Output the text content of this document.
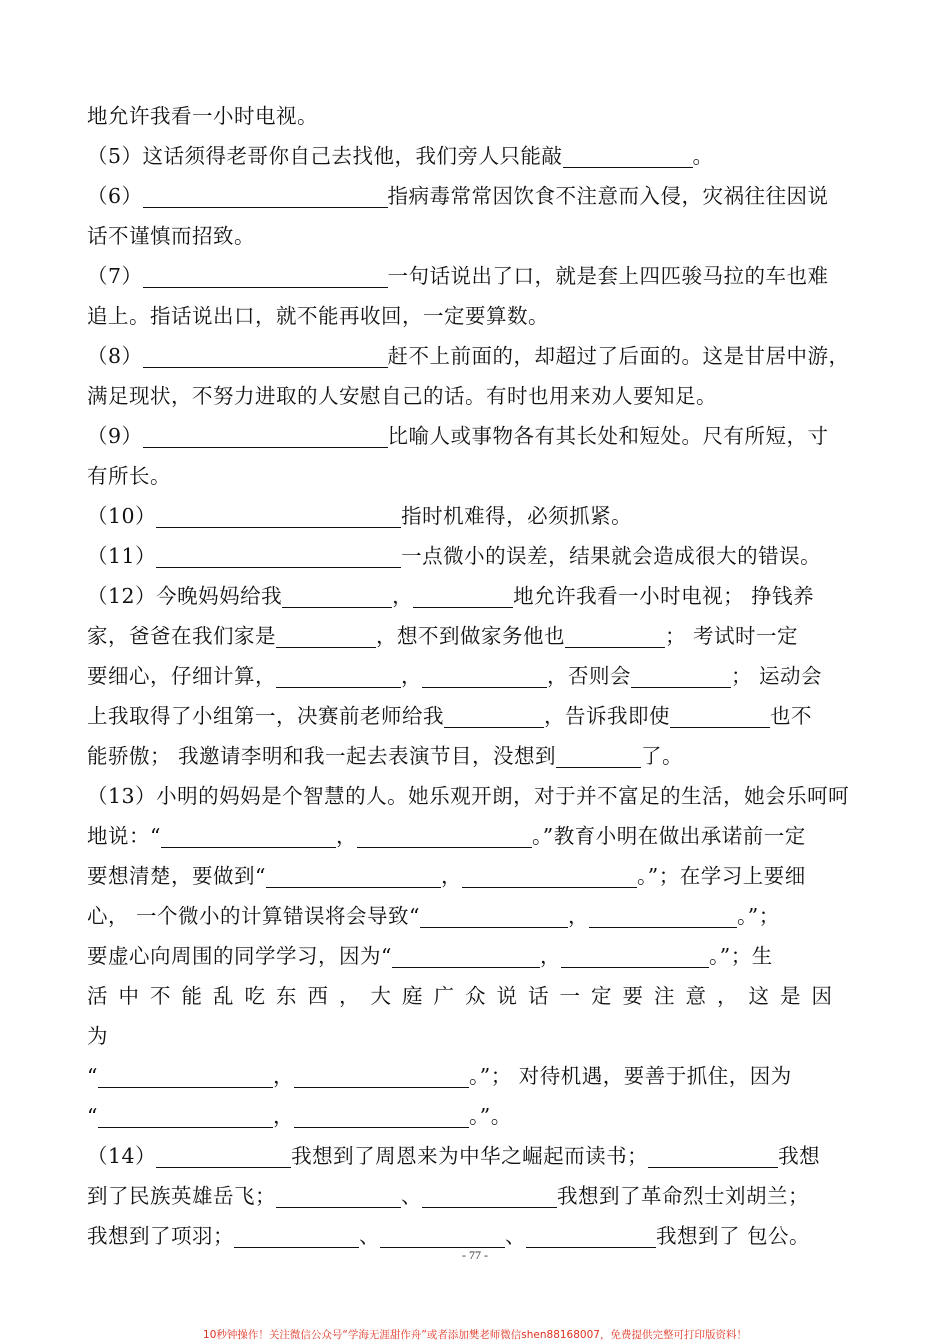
地允许我看一小时电视。

（5）这话须得老哥你自己去找他，我们旁人只能敲	。

（6）	指病毒常常因饮食不注意而入侵，灾祸往往因说

话不谨慎而招致。

（7）	一句话说出了口，就是套上四匹骏马拉的车也难

追上。指话说出口，就不能再收回，一定要算数。

（8）	赶不上前面的，却超过了后面的。这是甘居中游，

满足现状，不努力进取的人安慰自己的话。有时也用来劝人要知足。

（9）	比喻人或事物各有其长处和短处。尺有所短，寸

有所长。

（10）	指时机难得，必须抓紧。

（11）	一点微小的误差，结果就会造成很大的错误。

（12）今晚妈妈给我	，	地允许我看一小时电视； 挣钱养

家，爸爸在我们家是	，想不到做家务他也	； 考试时一定

要细心，仔细计算，	，	，否则会	； 运动会

上我取得了小组第一，决赛前老师给我	，告诉我即使	也不

能骄傲； 我邀请李明和我一起去表演节目，没想到	了。

（13）小明的妈妈是个智慧的人。她乐观开朗，对于并不富足的生活，她会乐呵呵

地说：“	，	。”教育小明在做出承诺前一定

要想清楚，要做到“	，	。”；在学习上要细

心， 一个微小的计算错误将会导致“	，	。”；

要虚心向周围的同学学习，因为“	，	。”；生

活中不能乱吃东西，大庭广众说话一定要注意，这是因为

“	，	。”； 对待机遇，要善于抓住，因为

“	，	。”。

（14）	我想到了周恩来为中华之崛起而读书；	我想

到了民族英雄岳飞；	、	我想到了革命烈士刘胡兰；

我想到了项羽；	、	、	我想到了 包公。

- 77 -
10秒钟操作！关注微信公众号“学海无涯甜作舟”或者添加樊老师微信shen88168007，免费提供完整可打印版资料！
